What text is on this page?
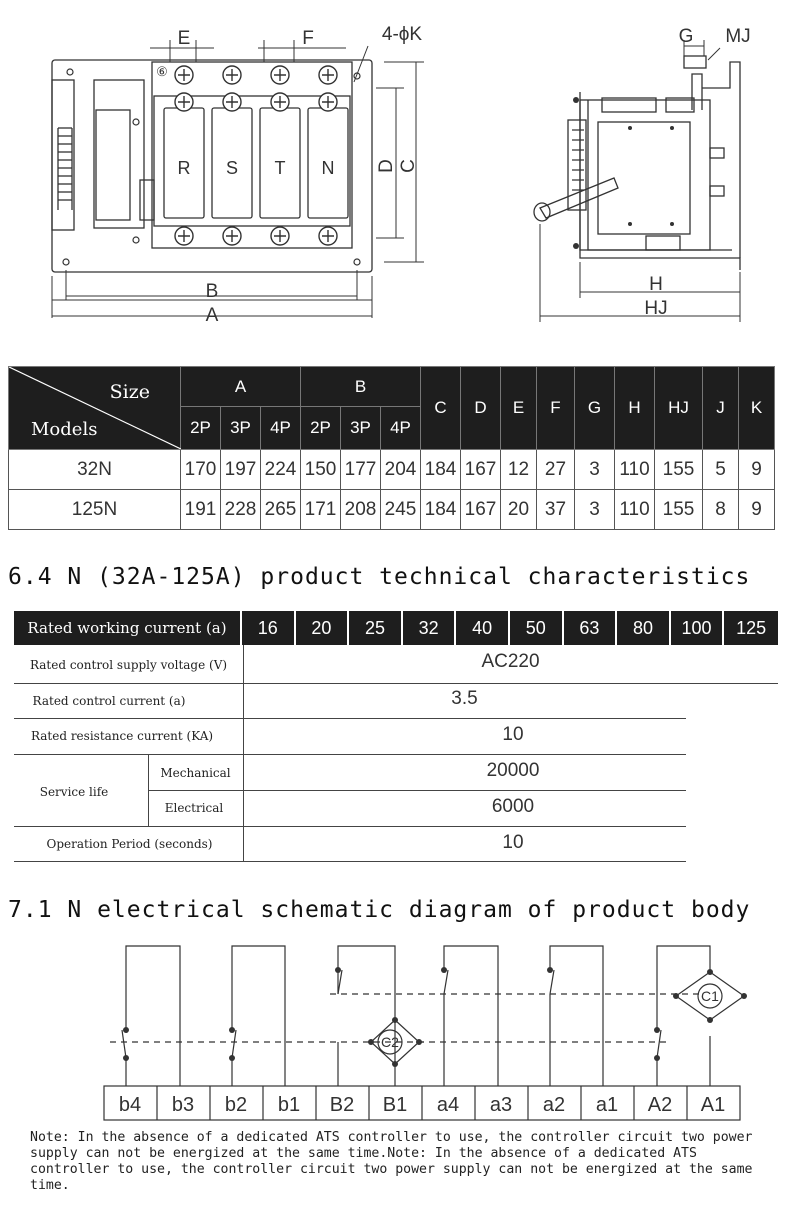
E	F	4-ϕK
B
A
⑥
R S T N D C
G MJ
H
HJ
Size
Models	A			B			C	D	E	F	G	H	HJ	J	K
	2P	3P	4P	2P	3P	4P									
32N	170	197	224	150	177	204	184	167	12	27	3	110	155	5	9
125N	191	228	265	171	208	245	184	167	20	37	3	110	155	8	9
6.4 N (32A-125A) product technical characteristics
Rated working current (a)	16	20	25	32	40	50	63	80	100	125
Rated control supply voltage (V)	AC220
Rated control current (a)	3.5
Rated resistance current (KA)	10
Service life
Mechanical	20000
Electrical	6000
Operation Period (seconds)	10
7.1 N electrical schematic diagram of product body
C2
C1
b4 b3 b2 b1 B2 B1 a4 a3 a2 a1 A2 A1
Note: In the absence of a dedicated ATS controller to use, the controller circuit two power supply can not be energized at the same time.Note: In the absence of a dedicated ATS controller to use, the controller circuit two power supply can not be energized at the same time.
